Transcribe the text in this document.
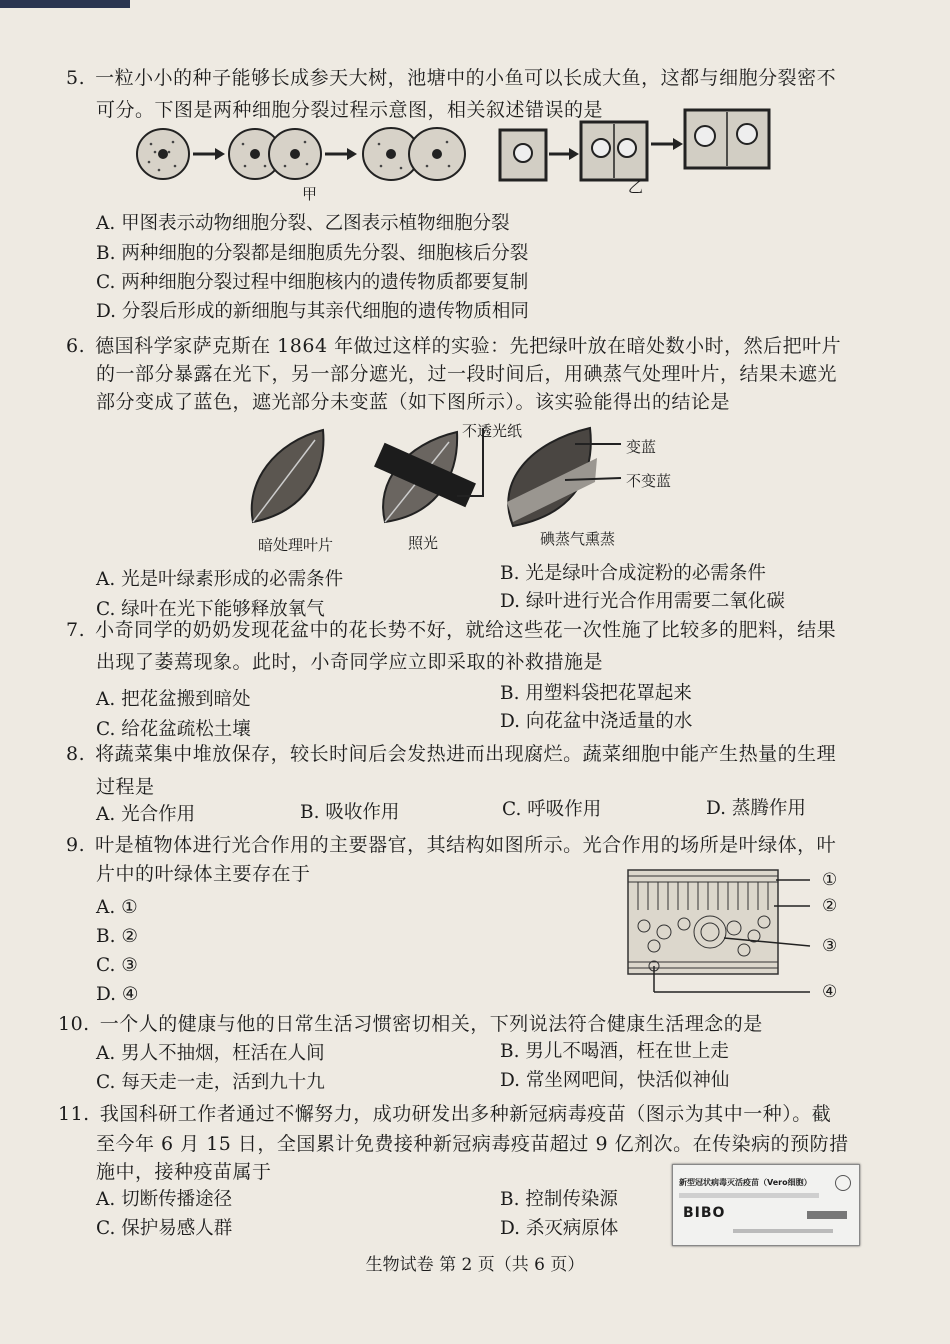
5. 一粒小小的种子能够长成参天大树，池塘中的小鱼可以长成大鱼，这都与细胞分裂密不
可分。下图是两种细胞分裂过程示意图，相关叙述错误的是
甲	乙
A. 甲图表示动物细胞分裂、乙图表示植物细胞分裂
B. 两种细胞的分裂都是细胞质先分裂、细胞核后分裂
C. 两种细胞分裂过程中细胞核内的遗传物质都要复制
D. 分裂后形成的新细胞与其亲代细胞的遗传物质相同
6. 德国科学家萨克斯在 1864 年做过这样的实验：先把绿叶放在暗处数小时，然后把叶片
的一部分暴露在光下，另一部分遮光，过一段时间后，用碘蒸气处理叶片，结果未遮光
部分变成了蓝色，遮光部分未变蓝（如下图所示）。该实验能得出的结论是
不透光纸
变蓝
不变蓝
暗处理叶片	照光	碘蒸气熏蒸
A. 光是叶绿素形成的必需条件	B. 光是绿叶合成淀粉的必需条件
C. 绿叶在光下能够释放氧气	D. 绿叶进行光合作用需要二氧化碳
7. 小奇同学的奶奶发现花盆中的花长势不好，就给这些花一次性施了比较多的肥料，结果
出现了萎蔫现象。此时，小奇同学应立即采取的补救措施是
A. 把花盆搬到暗处	B. 用塑料袋把花罩起来
C. 给花盆疏松土壤	D. 向花盆中浇适量的水
8. 将蔬菜集中堆放保存，较长时间后会发热进而出现腐烂。蔬菜细胞中能产生热量的生理
过程是
A. 光合作用	B. 吸收作用	C. 呼吸作用	D. 蒸腾作用
9. 叶是植物体进行光合作用的主要器官，其结构如图所示。光合作用的场所是叶绿体，叶
片中的叶绿体主要存在于
A. ①
B. ②
C. ③
D. ④
①
②
③
④
10. 一个人的健康与他的日常生活习惯密切相关，下列说法符合健康生活理念的是
A. 男人不抽烟，枉活在人间	B. 男儿不喝酒，枉在世上走
C. 每天走一走，活到九十九	D. 常坐网吧间，快活似神仙
11. 我国科研工作者通过不懈努力，成功研发出多种新冠病毒疫苗（图示为其中一种）。截
至今年 6 月 15 日，全国累计免费接种新冠病毒疫苗超过 9 亿剂次。在传染病的预防措
施中，接种疫苗属于
A. 切断传播途径	B. 控制传染源
C. 保护易感人群	D. 杀灭病原体
新型冠状病毒灭活疫苗（Vero细胞）
BIBO
生物试卷 第 2 页（共 6 页）
